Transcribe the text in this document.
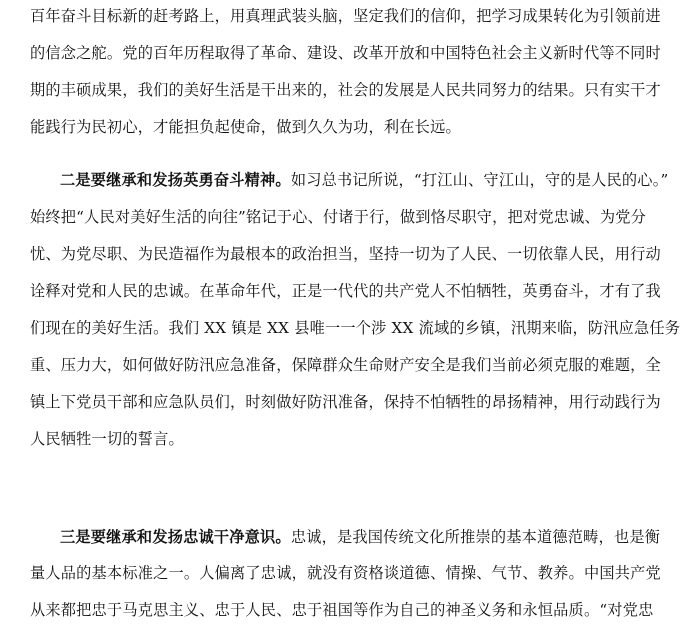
百年奋斗目标新的赶考路上，用真理武装头脑，坚定我们的信仰，把学习成果转化为引领前进
的信念之舵。党的百年历程取得了革命、建设、改革开放和中国特色社会主义新时代等不同时
期的丰硕成果，我们的美好生活是干出来的，社会的发展是人民共同努力的结果。只有实干才
能践行为民初心，才能担负起使命，做到久久为功，利在长远。
二是要继承和发扬英勇奋斗精神。如习总书记所说，“打江山、守江山，守的是人民的心。”
始终把“人民对美好生活的向往”铭记于心、付诸于行，做到恪尽职守，把对党忠诚、为党分
忧、为党尽职、为民造福作为最根本的政治担当，坚持一切为了人民、一切依靠人民，用行动
诠释对党和人民的忠诚。在革命年代，正是一代代的共产党人不怕牺牲，英勇奋斗，才有了我
们现在的美好生活。我们 XX 镇是 XX 县唯一一个涉 XX 流域的乡镇，汛期来临，防汛应急任务
重、压力大，如何做好防汛应急准备，保障群众生命财产安全是我们当前必须克服的难题，全
镇上下党员干部和应急队员们，时刻做好防汛准备，保持不怕牺牲的昂扬精神，用行动践行为
人民牺牲一切的誓言。
三是要继承和发扬忠诚干净意识。忠诚，是我国传统文化所推崇的基本道德范畴，也是衡
量人品的基本标准之一。人偏离了忠诚，就没有资格谈道德、情操、气节、教养。中国共产党
从来都把忠于马克思主义、忠于人民、忠于祖国等作为自己的神圣义务和永恒品质。“对党忠
